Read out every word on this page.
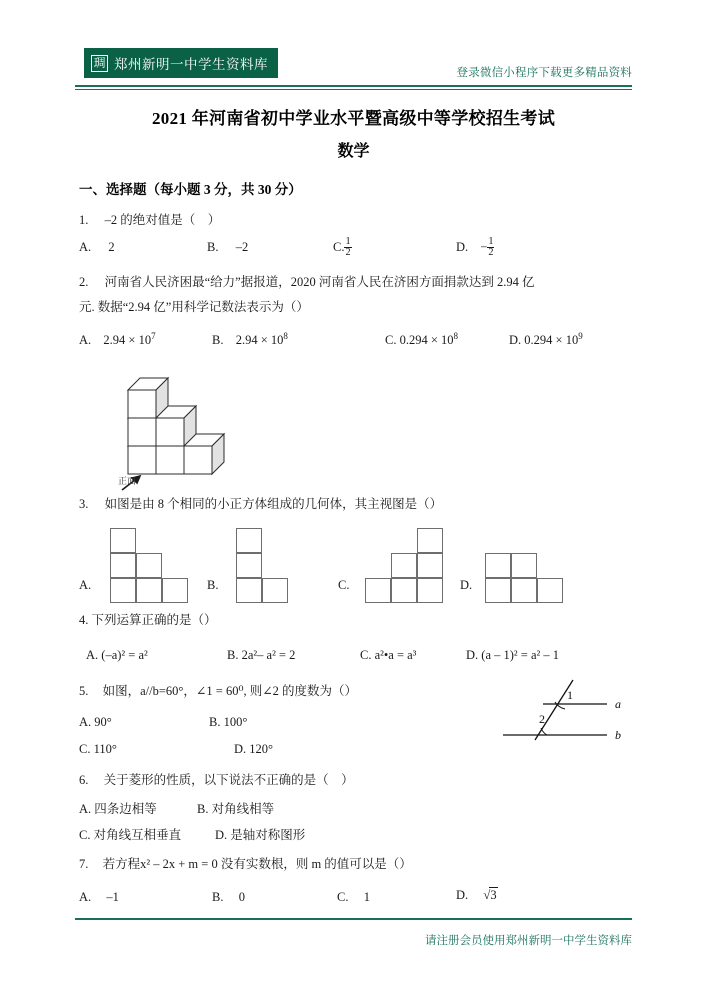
琱 郑州新明一中学生资料库	登录微信小程序下载更多精品资料
2021 年河南省初中学业水平暨高级中等学校招生考试
数学
一、选择题（每小题 3 分，共 30 分）
1. –2 的绝对值是（　）
A. 2	B. –2	C. $\frac{1}{2}$	D. − $\frac{1}{2}$
2. 河南省人民济困最“给力”据报道，2020 河南省人民在济困方面捐款达到 2.94 亿
元. 数据“2.94 亿”用科学记数法表示为（）
A. $2.94 \times 10^7$	B. $2.94 \times 10^8$	C. $0.294 \times 10^8$	D. $0.294 \times 10^9$
正面
3. 如图是由 8 个相同的小正方体组成的几何体，其主视图是（）
A.	B.	C.	D.
4. 下列运算正确的是（）
A. (–a)² = a²	B. 2a²– a² = 2	C. a²•a = a³	D. (a – 1)² = a² – 1
5. 如图，a//b=60°，∠1 = 60⁰, 则∠2 的度数为（）
A. 90°	B. 100°
C. 110°	D. 120°
1
2
a
b
6. 关于菱形的性质，以下说法不正确的是（　）
A. 四条边相等	B. 对角线相等
C. 对角线互相垂直	D. 是轴对称图形
7. 若方程x² – 2x + m = 0 没有实数根，则 m 的值可以是（）
A. –1	B. 0	C. 1	D. √3
请注册会员使用郑州新明一中学生资料库
